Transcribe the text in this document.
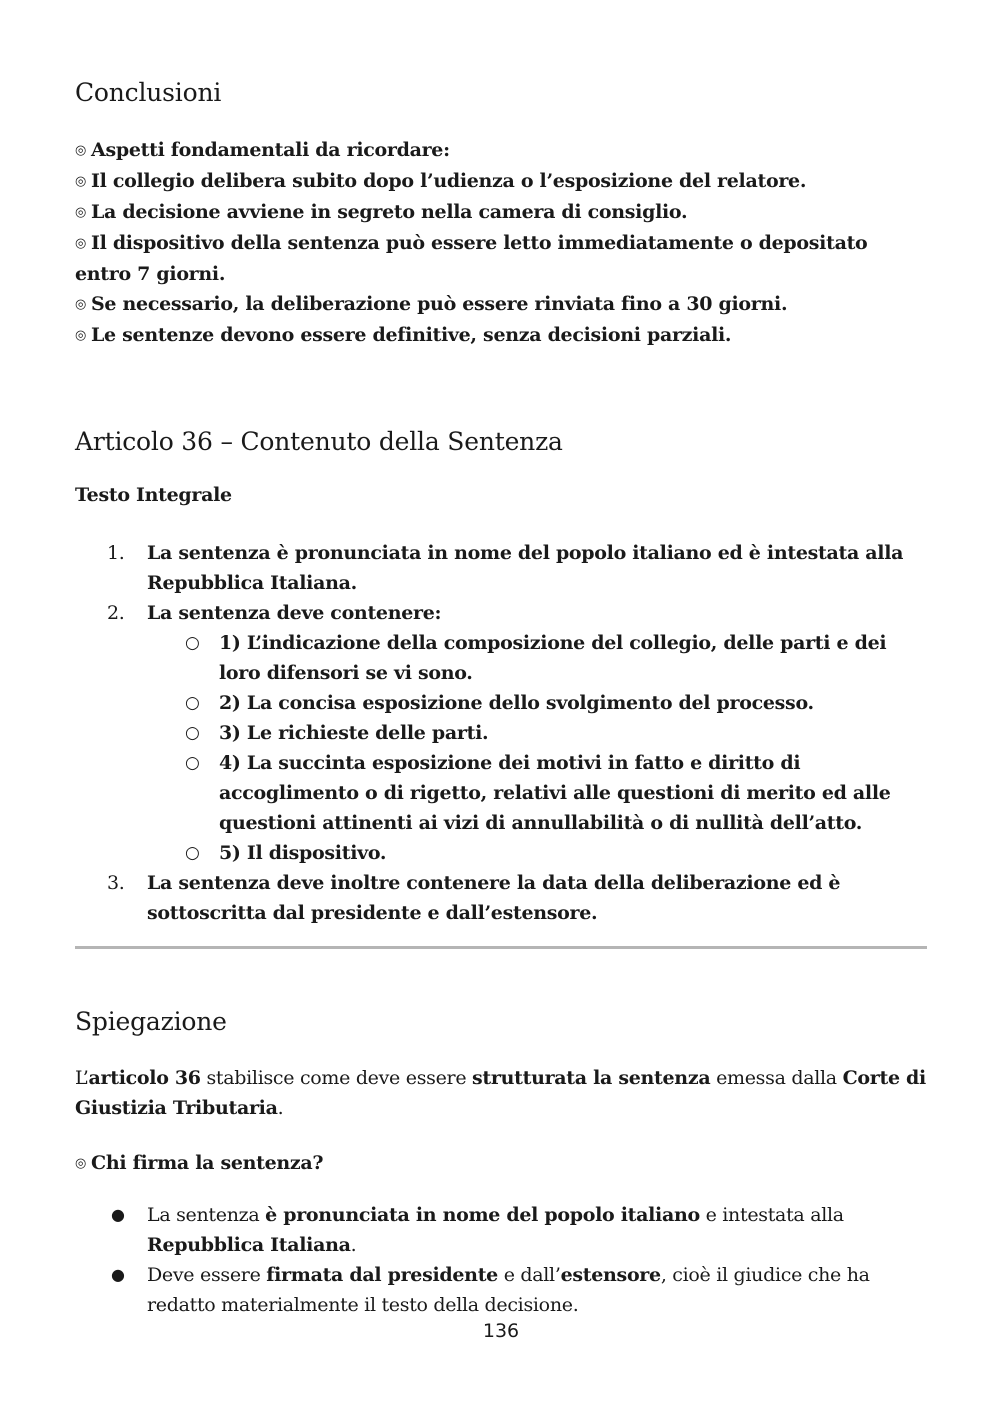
Conclusioni
◎ Aspetti fondamentali da ricordare:
◎ Il collegio delibera subito dopo l’udienza o l’esposizione del relatore.
◎ La decisione avviene in segreto nella camera di consiglio.
◎ Il dispositivo della sentenza può essere letto immediatamente o depositato entro 7 giorni.
◎ Se necessario, la deliberazione può essere rinviata fino a 30 giorni.
◎ Le sentenze devono essere definitive, senza decisioni parziali.
Articolo 36 – Contenuto della Sentenza
Testo Integrale
1. La sentenza è pronunciata in nome del popolo italiano ed è intestata alla Repubblica Italiana.
2. La sentenza deve contenere:
○ 1) L’indicazione della composizione del collegio, delle parti e dei loro difensori se vi sono.
○ 2) La concisa esposizione dello svolgimento del processo.
○ 3) Le richieste delle parti.
○ 4) La succinta esposizione dei motivi in fatto e diritto di accoglimento o di rigetto, relativi alle questioni di merito ed alle questioni attinenti ai vizi di annullabilità o di nullità dell’atto.
○ 5) Il dispositivo.
3. La sentenza deve inoltre contenere la data della deliberazione ed è sottoscritta dal presidente e dall’estensore.
Spiegazione
L’articolo 36 stabilisce come deve essere strutturata la sentenza emessa dalla Corte di Giustizia Tributaria.
◎ Chi firma la sentenza?
● La sentenza è pronunciata in nome del popolo italiano e intestata alla Repubblica Italiana.
● Deve essere firmata dal presidente e dall’estensore, cioè il giudice che ha redatto materialmente il testo della decisione.
136
